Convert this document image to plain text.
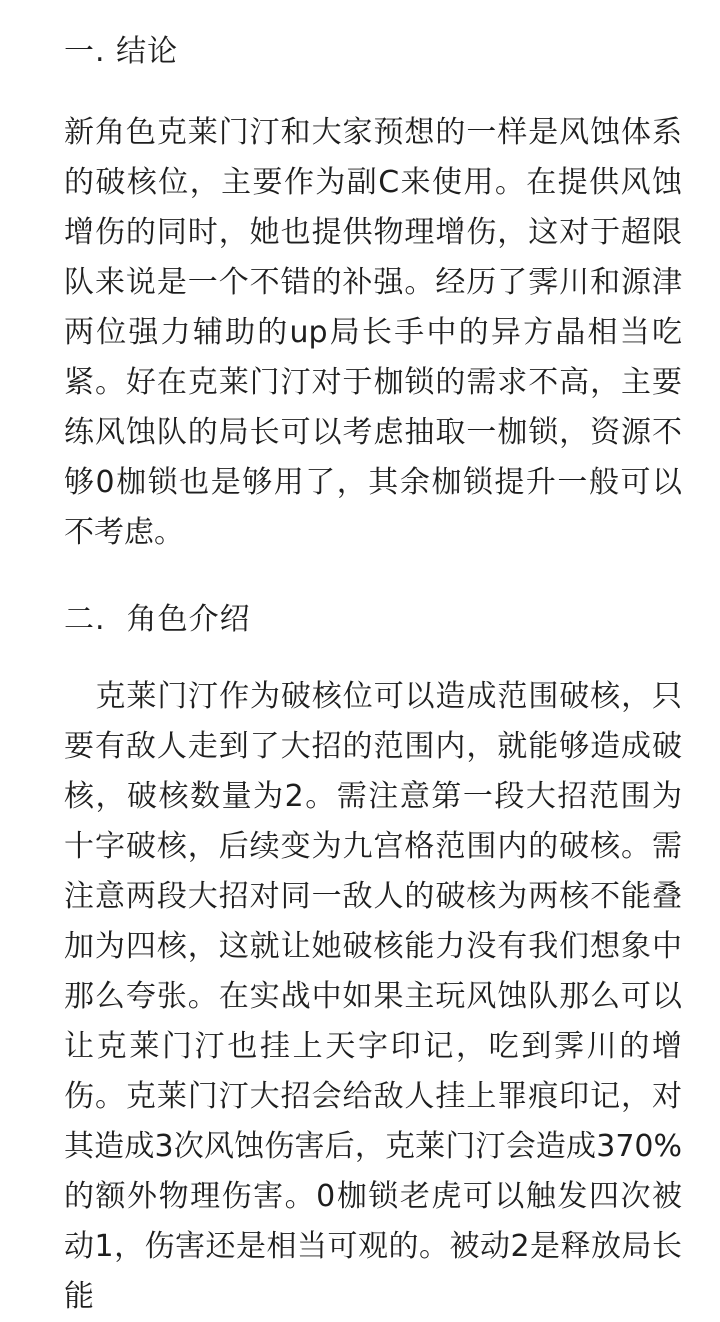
一. 结论

新角色克莱门汀和大家预想的一样是风蚀体系的破核位，主要作为副C来使用。在提供风蚀增伤的同时，她也提供物理增伤，这对于超限队来说是一个不错的补强。经历了霁川和源津两位强力辅助的up局长手中的异方晶相当吃紧。好在克莱门汀对于枷锁的需求不高，主要练风蚀队的局长可以考虑抽取一枷锁，资源不够0枷锁也是够用了，其余枷锁提升一般可以不考虑。

二.  角色介绍

克莱门汀作为破核位可以造成范围破核，只要有敌人走到了大招的范围内，就能够造成破核，破核数量为2。需注意第一段大招范围为十字破核，后续变为九宫格范围内的破核。需注意两段大招对同一敌人的破核为两核不能叠加为四核，这就让她破核能力没有我们想象中那么夸张。在实战中如果主玩风蚀队那么可以让克莱门汀也挂上天字印记，吃到霁川的增伤。克莱门汀大招会给敌人挂上罪痕印记，对其造成3次风蚀伤害后，克莱门汀会造成370%的额外物理伤害。0枷锁老虎可以触发四次被动1，伤害还是相当可观的。被动2是释放局长能
